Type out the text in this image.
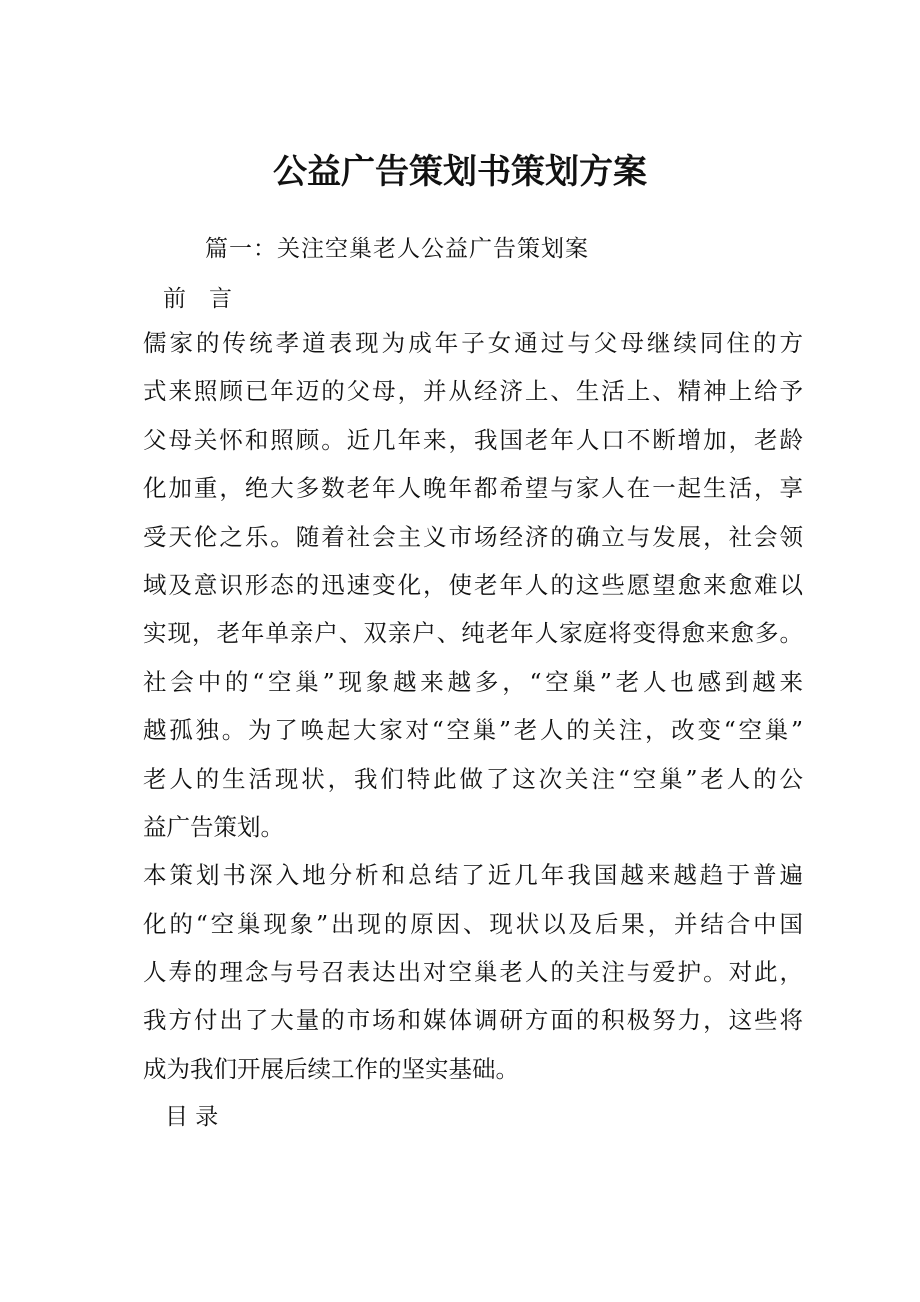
公益广告策划书策划方案
篇一：关注空巢老人公益广告策划案
前　言
儒家的传统孝道表现为成年子女通过与父母继续同住的方
式来照顾已年迈的父母，并从经济上、生活上、精神上给予
父母关怀和照顾。近几年来，我国老年人口不断增加，老龄
化加重，绝大多数老年人晚年都希望与家人在一起生活，享
受天伦之乐。随着社会主义市场经济的确立与发展，社会领
域及意识形态的迅速变化，使老年人的这些愿望愈来愈难以
实现，老年单亲户、双亲户、纯老年人家庭将变得愈来愈多。
社会中的“空巢”现象越来越多，“空巢”老人也感到越来
越孤独。为了唤起大家对“空巢”老人的关注，改变“空巢”
老人的生活现状，我们特此做了这次关注“空巢”老人的公
益广告策划。
本策划书深入地分析和总结了近几年我国越来越趋于普遍
化的“空巢现象”出现的原因、现状以及后果，并结合中国
人寿的理念与号召表达出对空巢老人的关注与爱护。对此，
我方付出了大量的市场和媒体调研方面的积极努力，这些将
成为我们开展后续工作的坚实基础。
目 录
